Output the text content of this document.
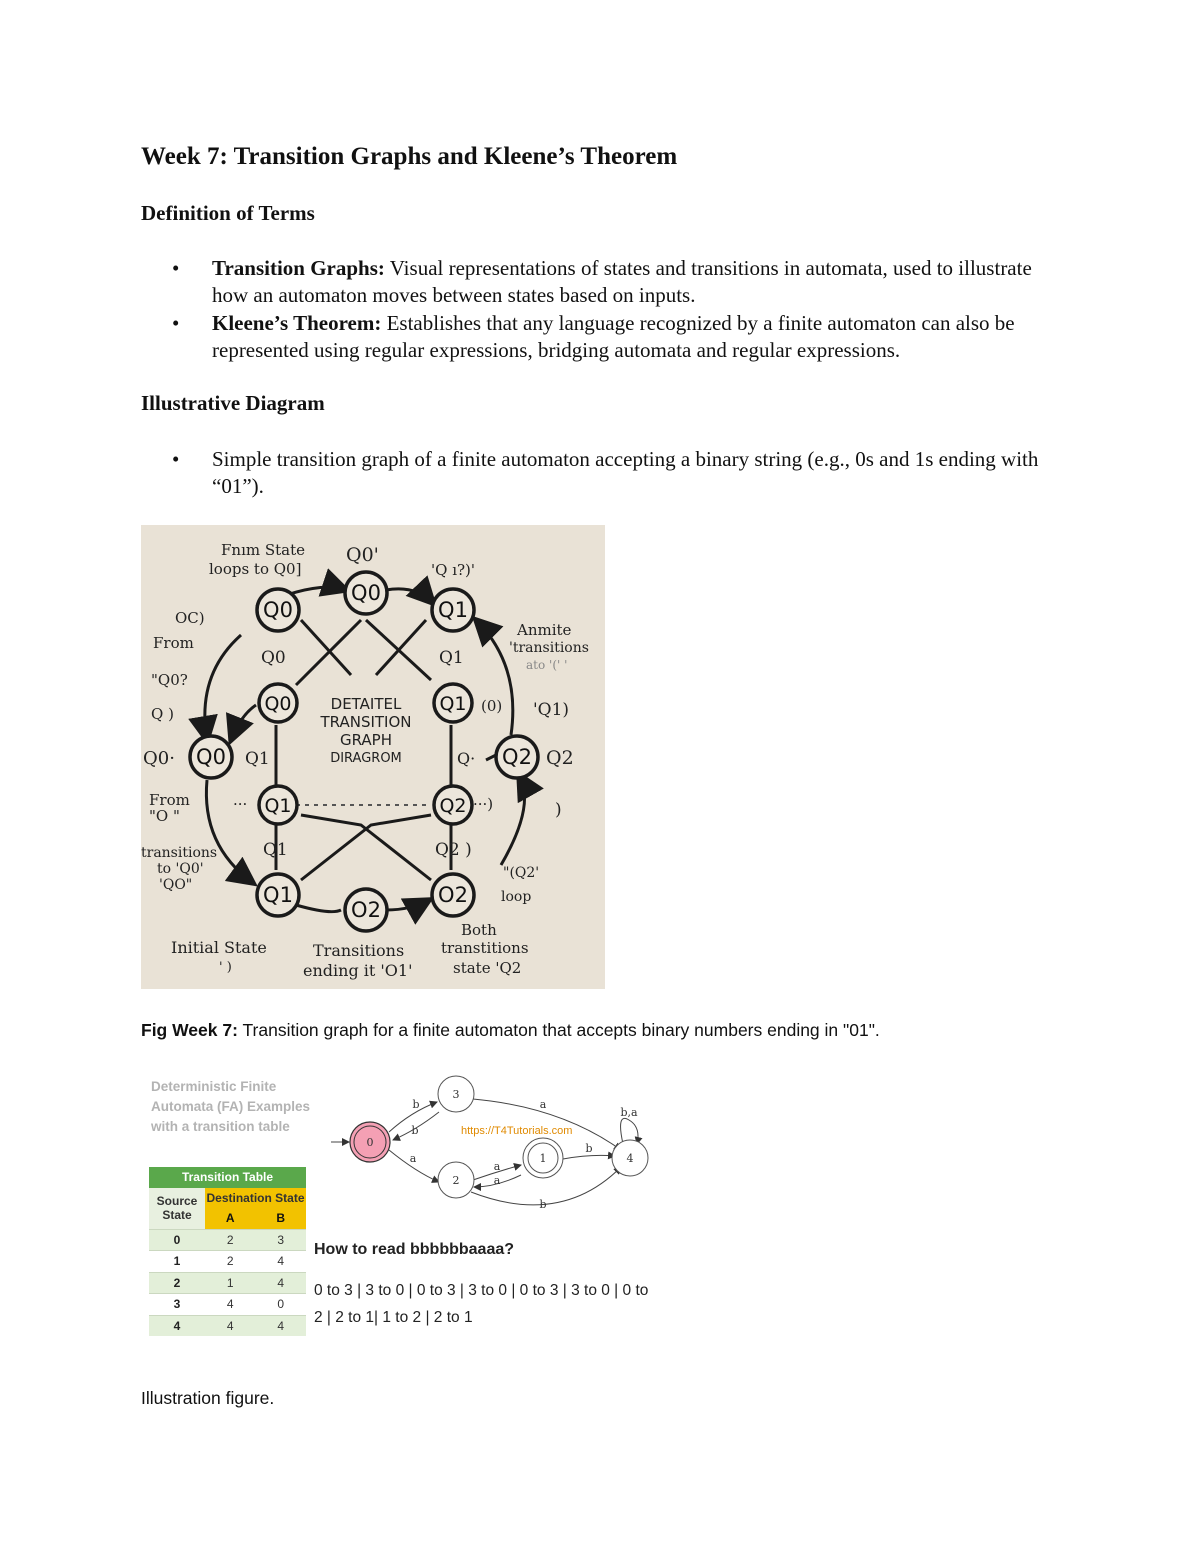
Week 7: Transition Graphs and Kleene’s Theorem
Definition of Terms
• Transition Graphs: Visual representations of states and transitions in automata, used to illustrate how an automaton moves between states based on inputs.
• Kleene’s Theorem: Establishes that any language recognized by a finite automaton can also be represented using regular expressions, bridging automata and regular expressions.
Illustrative Diagram
• Simple transition graph of a finite automaton accepting a binary string (e.g., 0s and 1s ending with “01”).
Q0
Q0
Q1
Q0
Q0
Q1
Q2
Q1	Q2
Q1
O2
O2
DETAITEL
TRANSITION
GRAPH
DIRAGROM
Fnım State
loops to Q0]
Q0'
'Q ı?)'
Anmite
'transitions
ato '(' '
OC)
From
"Q0?
Q )
Q0	Q1
Q0·	Q1
'Q1)
(0)
Q·	Q2
From
"O "
transitions
to 'Q0'
'QO"
Q1	Q2 )
···	···)	)
"(Q2'
loop
Initial State
' )
Transitions
ending it 'O1'
Both
transtitions
state 'Q2

Fig Week 7: Transition graph for a finite automaton that accepts binary numbers ending in "01".

Deterministic Finite Automata (FA) Examples with a transition table
0
3
2
1	4
b
b
a
a
a
a
b
b
b,a
https://T4Tutorials.com
Transition Table		
Source State	Destination State	
	A	B

0	2	3
1	2	4
2	1	4
3	4	0
4	4	4
How to read bbbbbbaaaa?
0 to 3 | 3 to 0 | 0 to 3 | 3 to 0 | 0 to 3 | 3 to 0 | 0 to 2 | 2 to 1| 1 to 2 | 2 to 1

Illustration figure.
